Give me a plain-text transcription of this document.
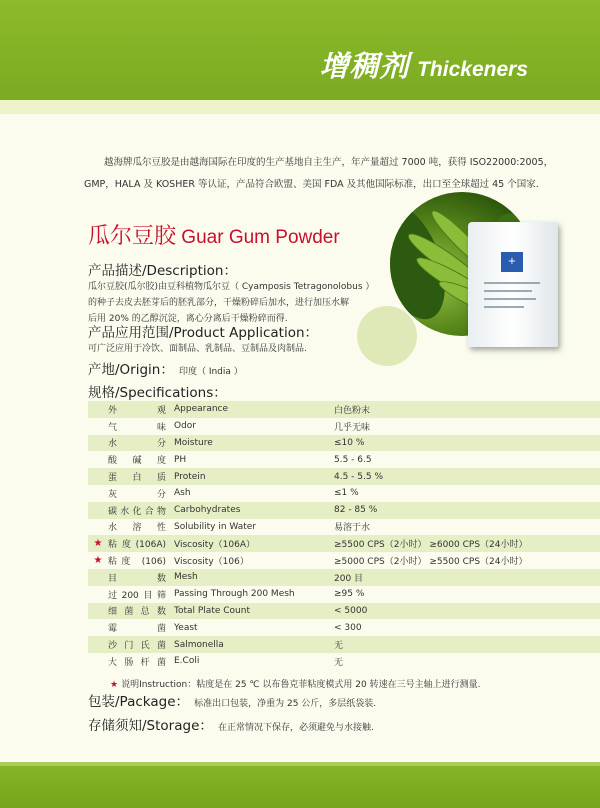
增稠剂 Thickeners
越海牌瓜尔豆胶是由越海国际在印度的生产基地自主生产，年产量超过 7000 吨，获得 ISO22000:2005，
GMP，HALA 及 KOSHER 等认证，产品符合欧盟、美国 FDA 及其他国际标准，出口至全球超过 45 个国家.
瓜尔豆胶 Guar Gum Powder
+
产品描述/Description：
瓜尔豆胶(瓜尔胶)由豆科植物瓜尔豆（ Cyamposis Tetragonolobus ）
的种子去皮去胚芽后的胚乳部分，干燥粉碎后加水，进行加压水解
后用 20% 的乙醇沉淀，离心分离后干燥粉碎而得.
产品应用范围/Product Application：
可广泛应用于冷饮、面制品、乳制品、豆制品及肉制品.
产地/Origin： 印度（ India ）
规格/Specifications：
	外观	Appearance	白色粉末
	气味	Odor	几乎无味
	水分	Moisture	≤10 %
	酸碱度	PH	5.5 - 6.5
	蛋白质	Protein	4.5 - 5.5 %
	灰分	Ash	≤1 %
	碳水化合物	Carbohydrates	82 - 85 %
	水溶性	Solubility in Water	易溶于水
★	粘度(106A)	Viscosity（106A）	≥5500 CPS（2小时） ≥6000 CPS（24小时）
★	粘度 (106)	Viscosity（106）	≥5000 CPS（2小时） ≥5500 CPS（24小时）
	目数	Mesh	200 目
	过200目筛	Passing Through 200 Mesh	≥95 %
	细菌总数	Total Plate Count	< 5000
	霉菌	Yeast	< 300
	沙门氏菌	Salmonella	无
	大肠杆菌	E.Coli	无
★ 说明Instruction：粘度是在 25 ℃ 以布鲁克菲粘度模式用 20 转速在三号主轴上进行测量.
包装/Package： 标准出口包装，净重为 25 公斤，多层纸袋装.
存储须知/Storage： 在正常情况下保存，必须避免与水接触.
